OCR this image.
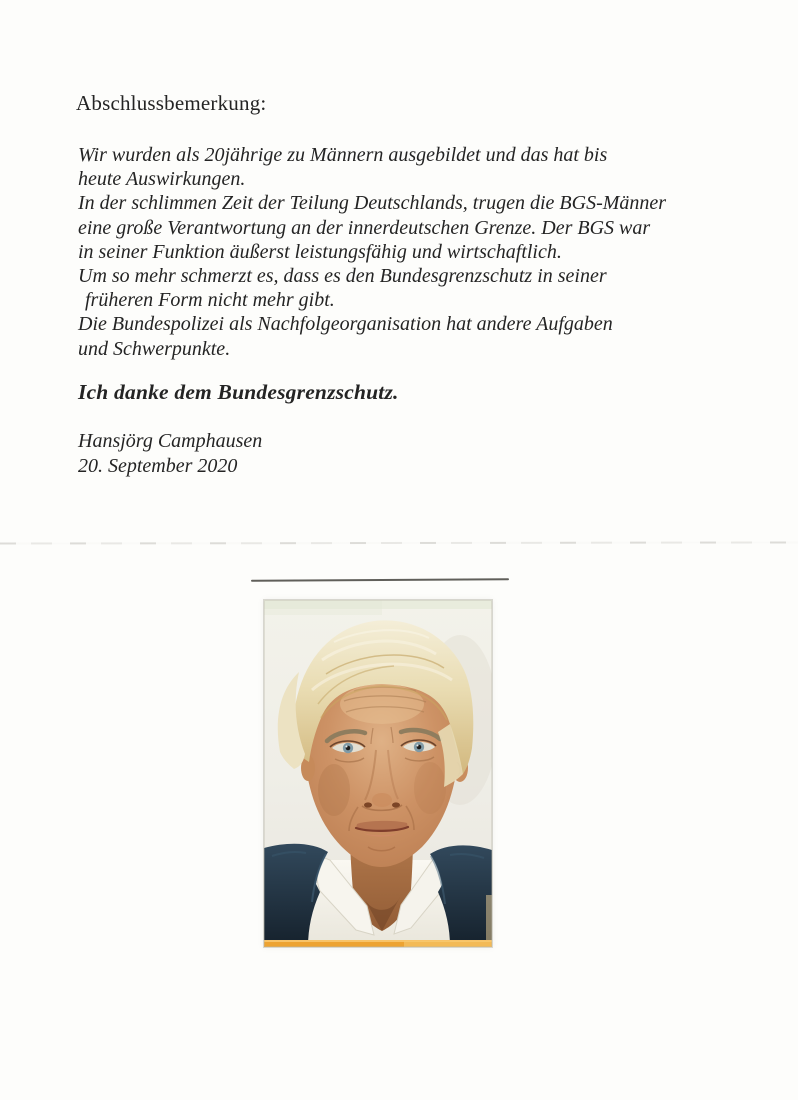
Abschlussbemerkung:
Wir wurden als 20jährige zu Männern ausgebildet und das hat bis
heute Auswirkungen.
In der schlimmen Zeit der Teilung Deutschlands, trugen die BGS-Männer
eine große Verantwortung an der innerdeutschen Grenze. Der BGS war
in seiner Funktion äußerst leistungsfähig und wirtschaftlich.
Um so mehr schmerzt es, dass es den Bundesgrenzschutz in seiner
früheren Form nicht mehr gibt.
Die Bundespolizei als Nachfolgeorganisation hat andere Aufgaben
und Schwerpunkte.
Ich danke dem Bundesgrenzschutz.
Hansjörg Camphausen
20. September 2020
